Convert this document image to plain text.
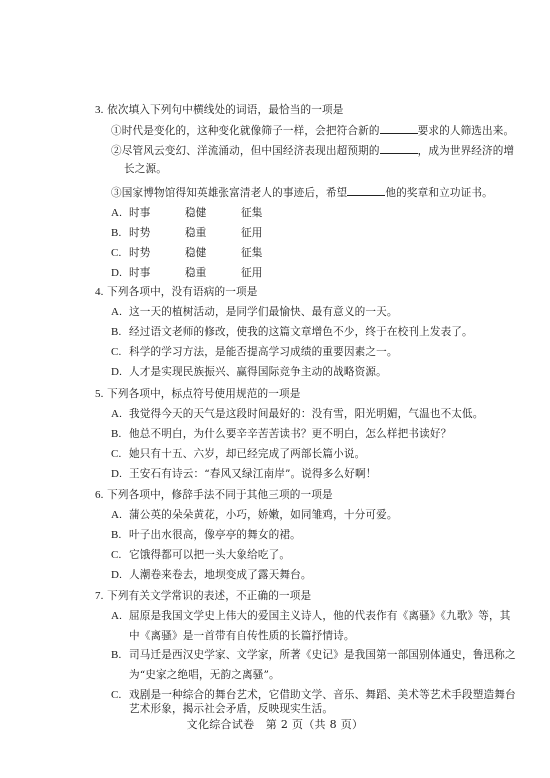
3. 依次填入下列句中横线处的词语，最恰当的一项是
①时代是变化的，这种变化就像筛子一样，会把符合新的	要求的人筛选出来。
②尽管风云变幻、洋流涌动，但中国经济表现出超预期的	，成为世界经济的增
长之源。
③国家博物馆得知英雄张富清老人的事迹后，希望	他的奖章和立功证书。
A. 时事	稳健	征集
B. 时势	稳重	征用
C. 时势	稳健	征集
D. 时事	稳重	征用
4. 下列各项中，没有语病的一项是
A. 这一天的植树活动，是同学们最愉快、最有意义的一天。
B. 经过语文老师的修改，使我的这篇文章增色不少，终于在校刊上发表了。
C. 科学的学习方法，是能否提高学习成绩的重要因素之一。
D. 人才是实现民族振兴、赢得国际竞争主动的战略资源。
5. 下列各项中，标点符号使用规范的一项是
A. 我觉得今天的天气是这段时间最好的：没有雪，阳光明媚，气温也不太低。
B. 他总不明白，为什么要辛辛苦苦读书？更不明白，怎么样把书读好？
C. 她只有十五、六岁，却已经完成了两部长篇小说。
D. 王安石有诗云：“春风又绿江南岸”。说得多么好啊！
6. 下列各项中，修辞手法不同于其他三项的一项是
A. 蒲公英的朵朵黄花，小巧，娇嫩，如同雏鸡，十分可爱。
B. 叶子出水很高，像亭亭的舞女的裙。
C. 它饿得都可以把一头大象给吃了。
D. 人潮卷来卷去，地坝变成了露天舞台。
7. 下列有关文学常识的表述，不正确的一项是
A. 屈原是我国文学史上伟大的爱国主义诗人，他的代表作有《离骚》《九歌》等，其
中《离骚》是一首带有自传性质的长篇抒情诗。
B. 司马迁是西汉史学家、文学家，所著《史记》是我国第一部国别体通史，鲁迅称之
为“史家之绝唱，无韵之离骚”。
C. 戏剧是一种综合的舞台艺术，它借助文学、音乐、舞蹈、美术等艺术手段塑造舞台
艺术形象，揭示社会矛盾，反映现实生活。
文化综合试卷　第 2 页（共 8 页）
